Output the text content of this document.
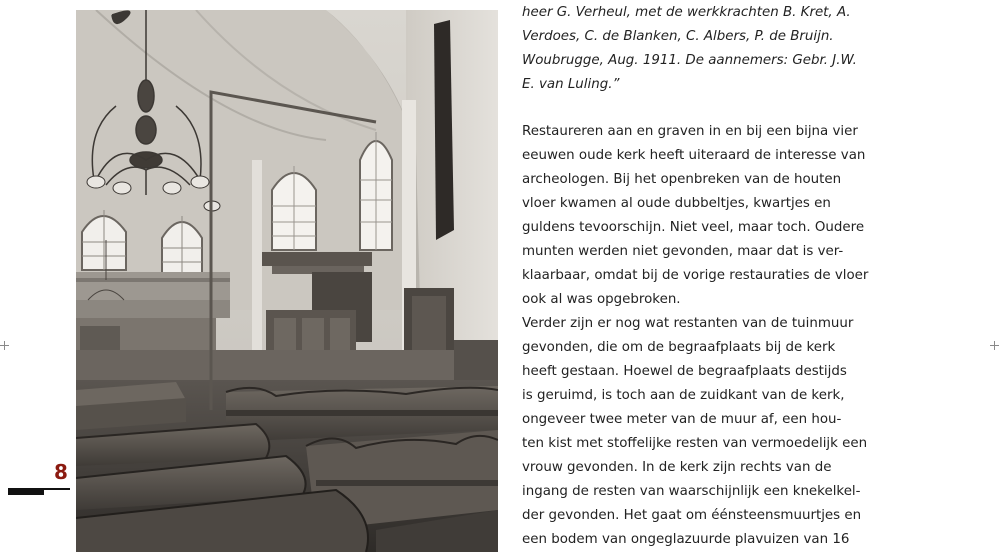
8
heer G. Verheul, met de werkkrachten B. Kret, A.
Verdoes, C. de Blanken, C. Albers, P. de Bruijn.
Woubrugge, Aug. 1911. De aannemers: Gebr. J.W.
E. van Luling.”
Restaureren aan en graven in en bij een bijna vier
eeuwen oude kerk heeft uiteraard de interesse van
archeologen. Bij het openbreken van de houten
vloer kwamen al oude dubbeltjes, kwartjes en
guldens tevoorschijn. Niet veel, maar toch. Oudere
munten werden niet gevonden, maar dat is ver-
klaarbaar, omdat bij de vorige restauraties de vloer
ook al was opgebroken.
Verder zijn er nog wat restanten van de tuinmuur
gevonden, die om de begraafplaats bij de kerk
heeft gestaan. Hoewel de begraafplaats destijds
is geruimd, is toch aan de zuidkant van de kerk,
ongeveer twee meter van de muur af, een hou-
ten kist met stoffelijke resten van vermoedelijk een
vrouw gevonden. In de kerk zijn rechts van de
ingang de resten van waarschijnlijk een knekelkel-
der gevonden. Het gaat om éénsteensmuurtjes en
een bodem van ongeglazuurde plavuizen van 16
